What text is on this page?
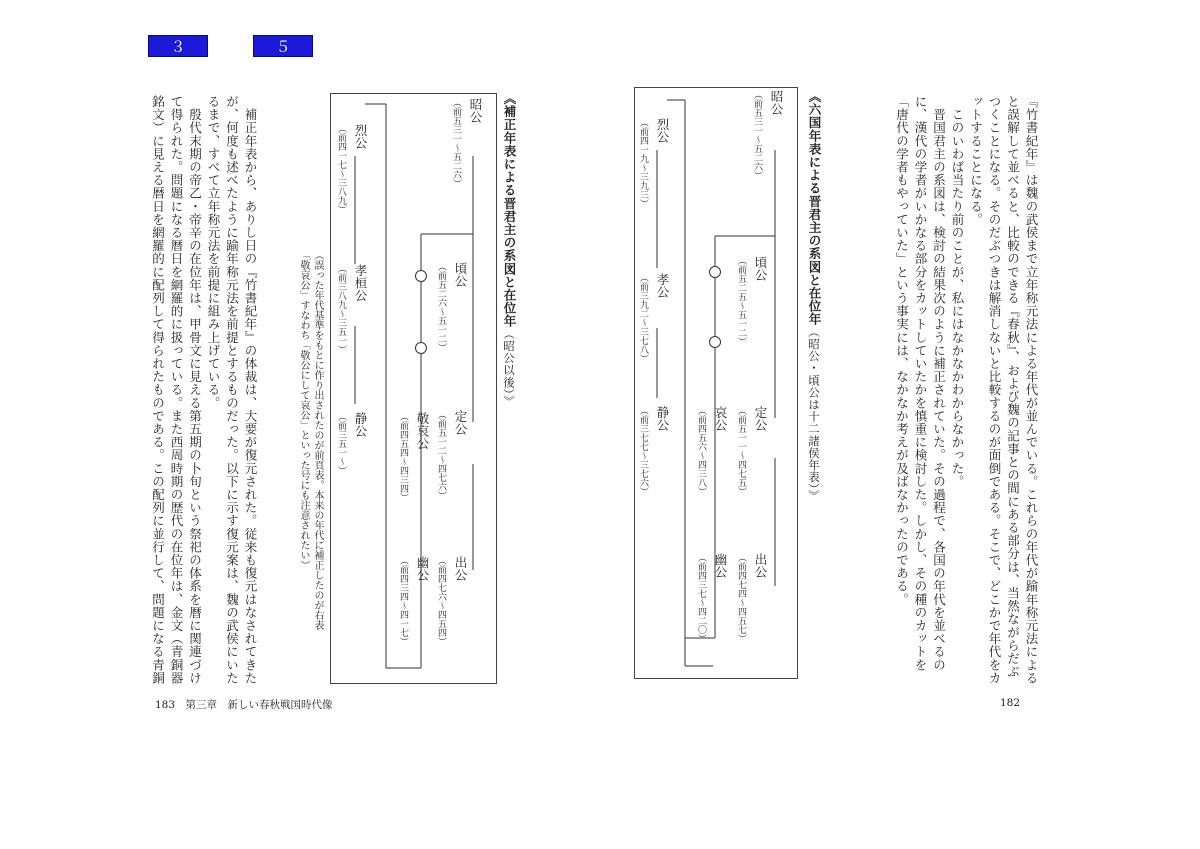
３ へ
５ へ
『竹書紀年』は魏の武侯まで立年称元法による年代が並んでいる。これらの年代が踰年称元法による
と誤解して並べると、比較のできる『春秋』、および魏の記事との間にある部分は、当然ながらだぶ
つくことになる。そのだぶつきは解消しないと比較するのが面倒である。そこで、どこかで年代をカ
ットすることになる。
　このいわば当たり前のことが、私にはなかなかわからなかった。
　晋国君主の系図は、検討の結果次のように補正されていた。その過程で、各国の年代を並べるの
に、漢代の学者がいかなる部分をカットしていたかを慎重に検討した。しかし、その種のカットを
「唐代の学者もやっていた」という事実には、なかなか考えが及ばなかったのである。
《六国年表による晋君主の系図と在位年（昭公・頃公は十二諸侯年表）》
昭公
（前五三一〜五二六）
頃公
（前五二五〜五一二）
定公
（前五一一〜四七五）
出公
（前四七四〜四五七）
哀公
（前四五六〜四三八）
幽公
（前四三七〜四二〇）
烈公
（前四一九〜三九三）
孝公
（前三九二〜三七八）
静公
（前三七七〜三七六）
182
《補正年表による晋君主の系図と在位年（昭公以後）》
昭公
（前五三一〜五二六）
頃公
（前五二六〜五一二）
定公
（前五一二〜四七六）
出公
（前四七六〜四五四）
敬哀公
（前四五四〜四三四）
幽公
（前四三四〜四一七）
烈公
（前四一七〜三八九）
孝桓公
（前三八九〜三五一）
静公
（前三五一〜）
（誤った年代基準をもとに作り出されたのが前頁表。本来の年代に補正したのが右表
「敬哀公」すなわち「敬公にして哀公」といった号にも注意されたい）
　補正年表から、ありし日の『竹書紀年』の体裁は、大要が復元された。従来も復元はなされてきた
が、何度も述べたように踰年称元法を前提とするものだった。以下に示す復元案は、魏の武侯にいた
るまで、すべて立年称元法を前提に組み上げている。
　殷代末期の帝乙・帝辛の在位年は、甲骨文に見える第五期の卜旬という祭祀の体系を暦に関連づけ
て得られた。問題になる暦日を網羅的に扱っている。また西周時期の歴代の在位年は、金文（青銅器
銘文）に見える暦日を網羅的に配列して得られたものである。この配列に並行して、問題になる青銅
183　第三章　新しい春秋戦国時代像
